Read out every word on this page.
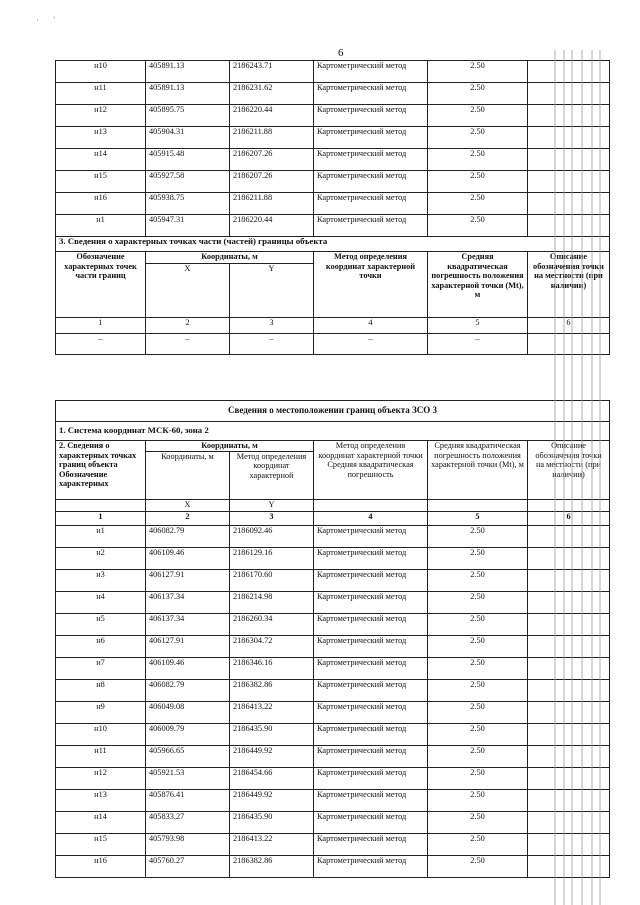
· '
6
н10	405891.13	2186243.71	Картометрический метод	2.50	
н11	405891.13	2186231.62	Картометрический метод	2.50	
н12	405895.75	2186220.44	Картометрический метод	2.50	
н13	405904.31	2186211.88	Картометрический метод	2.50	
н14	405915.48	2186207.26	Картометрический метод	2.50	
н15	405927.58	2186207.26	Картометрический метод	2.50	
н16	405938.75	2186211.88	Картометрический метод	2.50	
н1	405947.31	2186220.44	Картометрический метод	2.50	
3. Сведения о характерных точках части (частей) границы объекта					
Обозначение характерных точек части границ	Координаты, м		Метод определения координат характерной точки	Средняя квадратическая погрешность положения характерной точки (Mt), м	Описание обозначения точки на местности (при наличии)
	X	Y			
1	2	3	4	5	6
–	–	–	–	–	
Сведения о местоположении границ объекта ЗСО 3					
1. Система координат МСК-60, зона 2					
2. Сведения о характерных точках границ объекта Обозначение характерных	Координаты, м		Метод определения координат характерной точки Средняя квадратическая погрешность	Средняя квадратическая погрешность положения характерной точки (Mt), м	Описание обозначения точки на местности (при наличии)
	Координаты, м	Метод определения координат характерной			
	X	Y			
1	2	3	4	5	6
н1	406082.79	2186092.46	Картометрический метод	2.50	
н2	406109.46	2186129.16	Картометрический метод	2.50	
н3	406127.91	2186170.60	Картометрический метод	2.50	
н4	406137.34	2186214.98	Картометрический метод	2.50	
н5	406137.34	2186260.34	Картометрический метод	2.50	
н6	406127.91	2186304.72	Картометрический метод	2.50	
н7	406109.46	2186346.16	Картометрический метод	2.50	
н8	406082.79	2186382.86	Картометрический метод	2.50	
н9	406049.08	2186413.22	Картометрический метод	2.50	
н10	406009.79	2186435.90	Картометрический метод	2.50	
н11	405966.65	2186449.92	Картометрический метод	2.50	
н12	405921.53	2186454.66	Картометрический метод	2.50	
н13	405876.41	2186449.92	Картометрический метод	2.50	
н14	405833.27	2186435.90	Картометрический метод	2.50	
н15	405793.98	2186413.22	Картометрический метод	2.50	
н16	405760.27	2186382.86	Картометрический метод	2.50	
